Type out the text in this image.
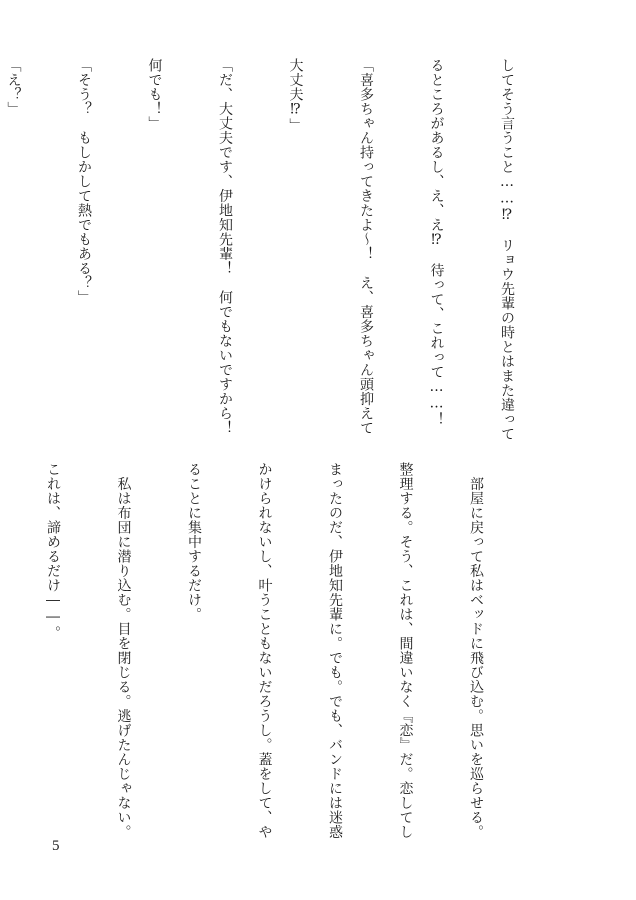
してそう言うこと……⁉　リョウ先輩の時とはまた違って

るところがあるし、え、え⁉　待って、これって……！

「喜多ちゃん持ってきたよ～！　え、喜多ちゃん頭抑えて

大丈夫⁉」

「だ、大丈夫です、伊地知先輩！　何でもないですから！

何でも！」

「そう？　もしかして熱でもある？」

「え？」

　部屋に戻って私はベッドに飛び込む。思いを巡らせる。

整理する。そう、これは、間違いなく『恋』だ。恋してし

まったのだ、伊地知先輩に。でも。でも、バンドには迷惑

かけられないし、叶うこともないだろうし。蓋をして、や

ることに集中するだけ。

　私は布団に潜り込む。目を閉じる。逃げたんじゃない。

これは、諦めるだけ――。

5
